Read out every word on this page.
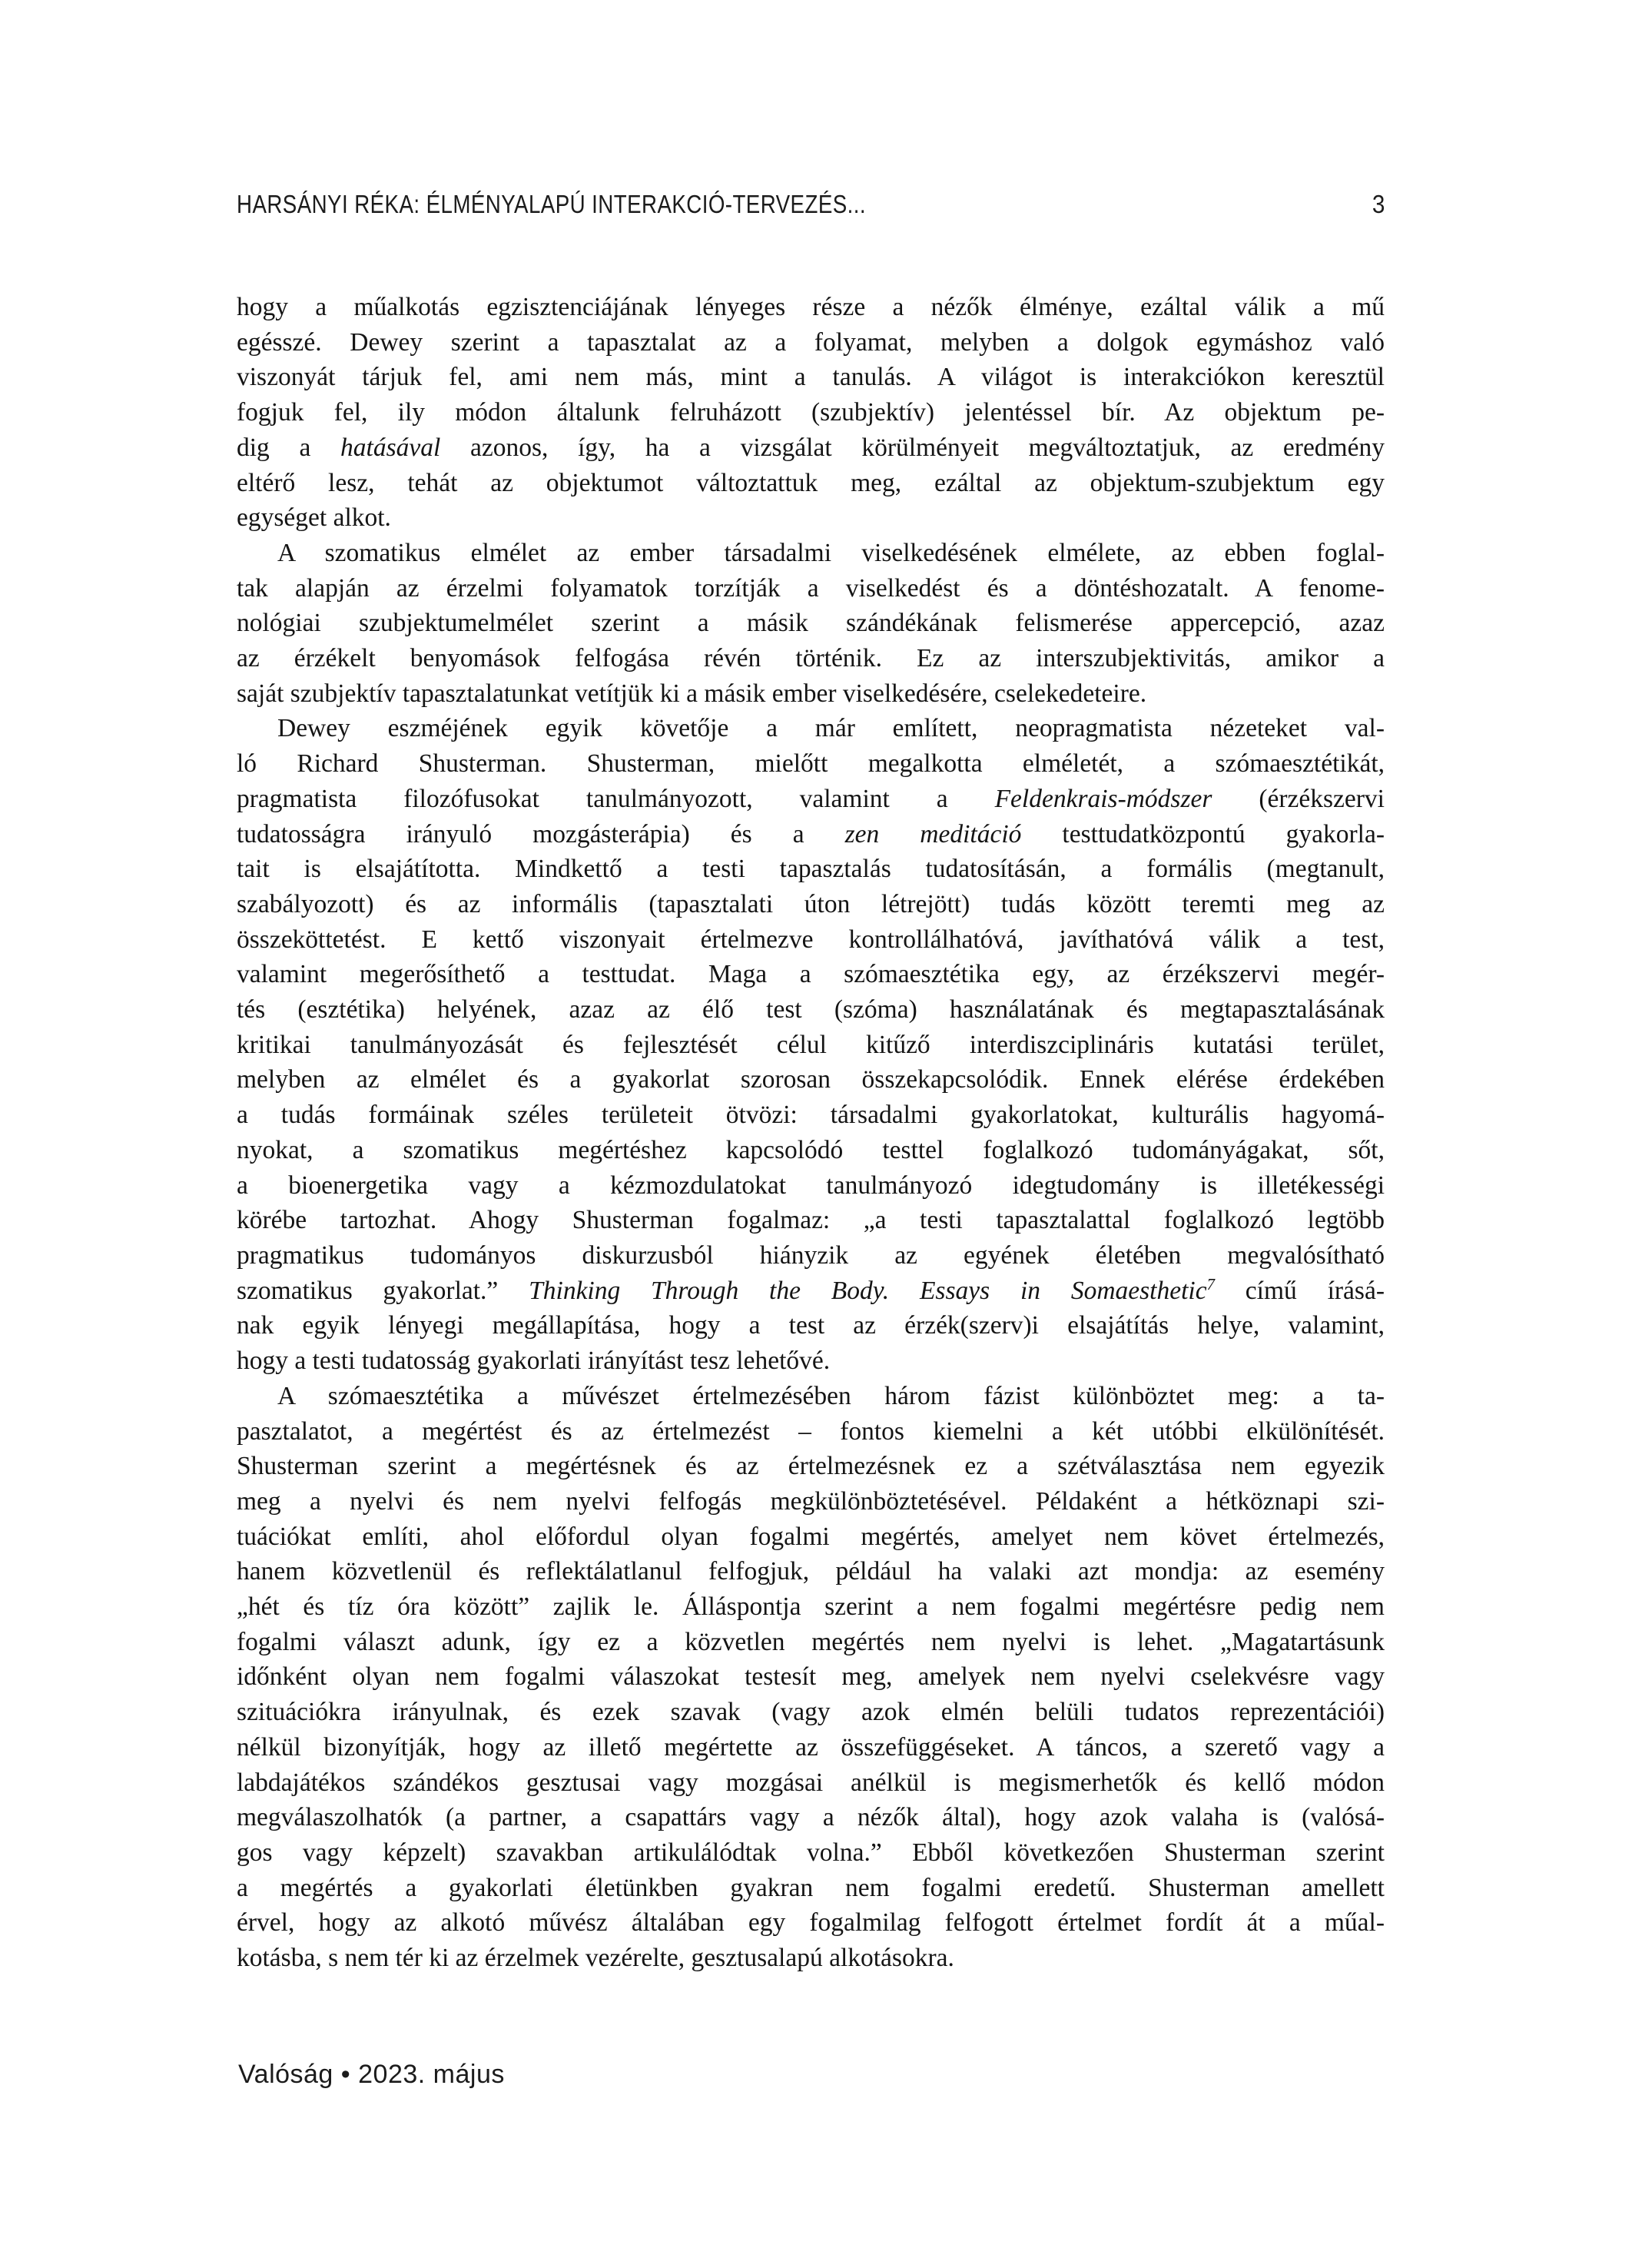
HARSÁNYI RÉKA: ÉLMÉNYALAPÚ INTERAKCIÓ-TERVEZÉS...	3
hogy a műalkotás egzisztenciájának lényeges része a nézők élménye, ezáltal válik a mű
egésszé. Dewey szerint a tapasztalat az a folyamat, melyben a dolgok egymáshoz való
viszonyát tárjuk fel, ami nem más, mint a tanulás. A világot is interakciókon keresztül
fogjuk fel, ily módon általunk felruházott (szubjektív) jelentéssel bír. Az objektum pe-
dig a hatásával azonos, így, ha a vizsgálat körülményeit megváltoztatjuk, az eredmény
eltérő lesz, tehát az objektumot változtattuk meg, ezáltal az objektum-szubjektum egy
egységet alkot.
A szomatikus elmélet az ember társadalmi viselkedésének elmélete, az ebben foglal-
tak alapján az érzelmi folyamatok torzítják a viselkedést és a döntéshozatalt. A fenome-
nológiai szubjektumelmélet szerint a másik szándékának felismerése appercepció, azaz
az érzékelt benyomások felfogása révén történik. Ez az interszubjektivitás, amikor a
saját szubjektív tapasztalatunkat vetítjük ki a másik ember viselkedésére, cselekedeteire.
Dewey eszméjének egyik követője a már említett, neopragmatista nézeteket val-
ló Richard Shusterman. Shusterman, mielőtt megalkotta elméletét, a szómaesztétikát,
pragmatista filozófusokat tanulmányozott, valamint a Feldenkrais-módszer (érzékszervi
tudatosságra irányuló mozgásterápia) és a zen meditáció testtudatközpontú gyakorla-
tait is elsajátította. Mindkettő a testi tapasztalás tudatosításán, a formális (megtanult,
szabályozott) és az informális (tapasztalati úton létrejött) tudás között teremti meg az
összeköttetést. E kettő viszonyait értelmezve kontrollálhatóvá, javíthatóvá válik a test,
valamint megerősíthető a testtudat. Maga a szómaesztétika egy, az érzékszervi megér-
tés (esztétika) helyének, azaz az élő test (szóma) használatának és megtapasztalásának
kritikai tanulmányozását és fejlesztését célul kitűző interdiszciplináris kutatási terület,
melyben az elmélet és a gyakorlat szorosan összekapcsolódik. Ennek elérése érdekében
a tudás formáinak széles területeit ötvözi: társadalmi gyakorlatokat, kulturális hagyomá-
nyokat, a szomatikus megértéshez kapcsolódó testtel foglalkozó tudományágakat, sőt,
a bioenergetika vagy a kézmozdulatokat tanulmányozó idegtudomány is illetékességi
körébe tartozhat. Ahogy Shusterman fogalmaz: „a testi tapasztalattal foglalkozó legtöbb
pragmatikus tudományos diskurzusból hiányzik az egyének életében megvalósítható
szomatikus gyakorlat.” Thinking Through the Body. Essays in Somaesthetic$^7$ című írásá-
nak egyik lényegi megállapítása, hogy a test az érzék(szerv)i elsajátítás helye, valamint,
hogy a testi tudatosság gyakorlati irányítást tesz lehetővé.
A szómaesztétika a művészet értelmezésében három fázist különböztet meg: a ta-
pasztalatot, a megértést és az értelmezést – fontos kiemelni a két utóbbi elkülönítését.
Shusterman szerint a megértésnek és az értelmezésnek ez a szétválasztása nem egyezik
meg a nyelvi és nem nyelvi felfogás megkülönböztetésével. Példaként a hétköznapi szi-
tuációkat említi, ahol előfordul olyan fogalmi megértés, amelyet nem követ értelmezés,
hanem közvetlenül és reflektálatlanul felfogjuk, például ha valaki azt mondja: az esemény
„hét és tíz óra között” zajlik le. Álláspontja szerint a nem fogalmi megértésre pedig nem
fogalmi választ adunk, így ez a közvetlen megértés nem nyelvi is lehet. „Magatartásunk
időnként olyan nem fogalmi válaszokat testesít meg, amelyek nem nyelvi cselekvésre vagy
szituációkra irányulnak, és ezek szavak (vagy azok elmén belüli tudatos reprezentációi)
nélkül bizonyítják, hogy az illető megértette az összefüggéseket. A táncos, a szerető vagy a
labdajátékos szándékos gesztusai vagy mozgásai anélkül is megismerhetők és kellő módon
megválaszolhatók (a partner, a csapattárs vagy a nézők által), hogy azok valaha is (valósá-
gos vagy képzelt) szavakban artikulálódtak volna.” Ebből következően Shusterman szerint
a megértés a gyakorlati életünkben gyakran nem fogalmi eredetű. Shusterman amellett
érvel, hogy az alkotó művész általában egy fogalmilag felfogott értelmet fordít át a műal-
kotásba, s nem tér ki az érzelmek vezérelte, gesztusalapú alkotásokra.
Valóság • 2023. május
